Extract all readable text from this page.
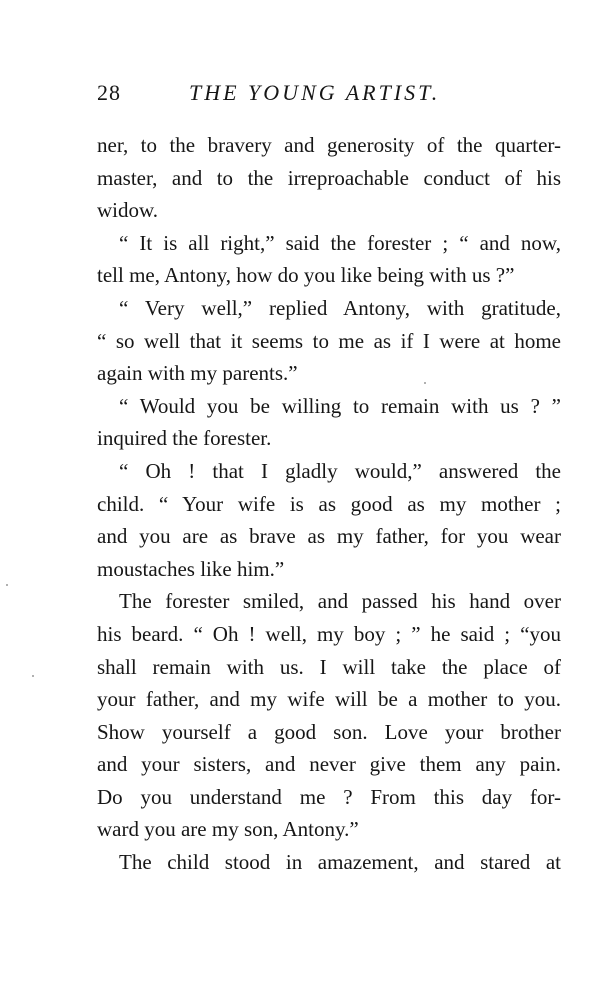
28	THE YOUNG ARTIST.
ner, to the bravery and generosity of the quarter-
master, and to the irreproachable conduct of his
widow.
“ It is all right,” said the forester ; “ and now,
tell me, Antony, how do you like being with us ?”
“ Very well,” replied Antony, with gratitude,
“ so well that it seems to me as if I were at home
again with my parents.”
“ Would you be willing to remain with us ? ”
inquired the forester.
“ Oh ! that I gladly would,” answered the
child. “ Your wife is as good as my mother ;
and you are as brave as my father, for you wear
moustaches like him.”
The forester smiled, and passed his hand over
his beard. “ Oh ! well, my boy ; ” he said ; “you
shall remain with us. I will take the place of
your father, and my wife will be a mother to you.
Show yourself a good son. Love your brother
and your sisters, and never give them any pain.
Do you understand me ? From this day for-
ward you are my son, Antony.”
The child stood in amazement, and stared at
